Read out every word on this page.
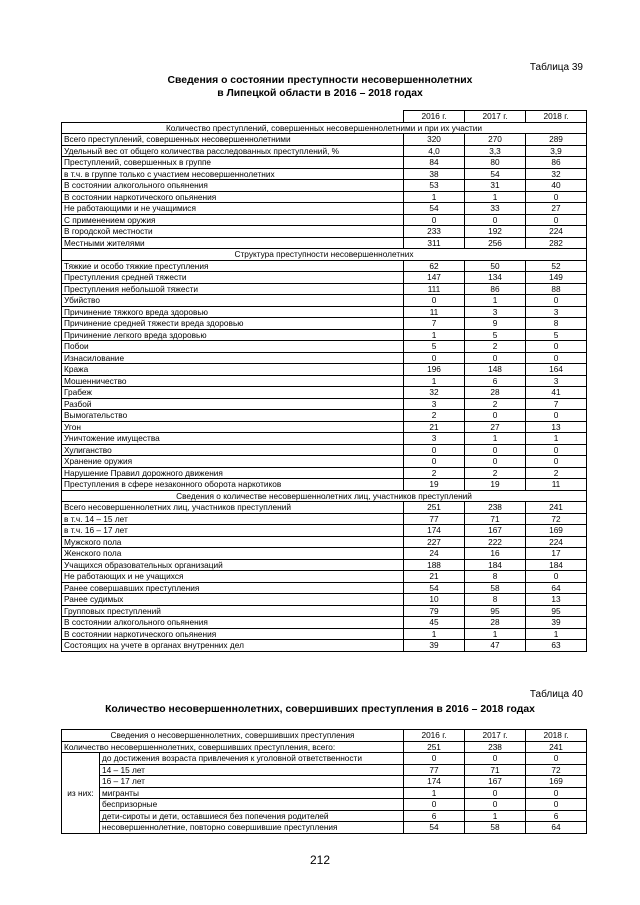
Таблица 39
Сведения о состоянии преступности несовершеннолетних
в Липецкой области в 2016 – 2018 годах
	2016 г.	2017 г.	2018 г.
Количество преступлений, совершенных несовершеннолетними и при их участии			
Всего преступлений, совершенных несовершеннолетними	320	270	289
Удельный вес от общего количества расследованных преступлений, %	4,0	3,3	3,9
Преступлений, совершенных в группе	84	80	86
в т.ч. в группе только с участием несовершеннолетних	38	54	32
В состоянии алкогольного опьянения	53	31	40
В состоянии наркотического опьянения	1	1	0
Не работающими и не учащимися	54	33	27
С применением оружия	0	0	0
В городской местности	233	192	224
Местными жителями	311	256	282
Структура преступности несовершеннолетних			
Тяжкие и особо тяжкие преступления	62	50	52
Преступления средней тяжести	147	134	149
Преступления небольшой тяжести	111	86	88
Убийство	0	1	0
Причинение тяжкого вреда здоровью	11	3	3
Причинение средней тяжести вреда здоровью	7	9	8
Причинение легкого вреда здоровью	1	5	5
Побои	5	2	0
Изнасилование	0	0	0
Кража	196	148	164
Мошенничество	1	6	3
Грабеж	32	28	41
Разбой	3	2	7
Вымогательство	2	0	0
Угон	21	27	13
Уничтожение имущества	3	1	1
Хулиганство	0	0	0
Хранение оружия	0	0	0
Нарушение Правил дорожного движения	2	2	2
Преступления в сфере незаконного оборота наркотиков	19	19	11
Сведения о количестве несовершеннолетних лиц, участников преступлений			
Всего несовершеннолетних лиц, участников преступлений	251	238	241
в т.ч. 14 – 15 лет	77	71	72
в т.ч. 16 – 17 лет	174	167	169
Мужского пола	227	222	224
Женского пола	24	16	17
Учащихся образовательных организаций	188	184	184
Не работающих и не учащихся	21	8	0
Ранее совершавших преступления	54	58	64
Ранее судимых	10	8	13
Групповых преступлений	79	95	95
В состоянии алкогольного опьянения	45	28	39
В состоянии наркотического опьянения	1	1	1
Состоящих на учете в органах внутренних дел	39	47	63
Таблица 40
Количество несовершеннолетних, совершивших преступления в 2016 – 2018 годах
Сведения о несовершеннолетних, совершивших преступления		2016 г.	2017 г.	2018 г.
Количество несовершеннолетних, совершивших преступления, всего:		251	238	241
из них:	до достижения возраста привлечения к уголовной ответственности	0	0	0
	14 – 15 лет	77	71	72
	16 – 17 лет	174	167	169
	мигранты	1	0	0
	беспризорные	0	0	0
	дети-сироты и дети, оставшиеся без попечения родителей	6	1	6
	несовершеннолетние, повторно совершившие преступления	54	58	64
212
